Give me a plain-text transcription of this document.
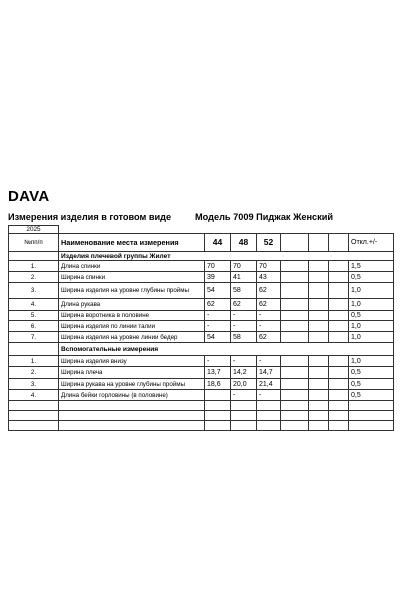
DAVA
Измерения изделия в готовом виде	Модель 7009 Пиджак Женский
2025								
№пп/п	Наименование места измерения	44	48	52				Откл.+/-
	Изделия плечевой группы Жилет							
1.	Длина спинки	70	70	70				1,5
2.	Ширина спинки	39	41	43				0,5
3.	Ширина изделия на уровне глубины проймы	54	58	62				1,0
4.	Длина рукава	62	62	62				1,0
5.	Ширина воротника в половине	-	-	-				0,5
6.	Ширина изделия по линии талии	-	-	-				1,0
7.	Ширина изделия на уровне линии бедер	54	58	62				1,0
	Вспомогательные измерения							
1.	Ширина изделия внизу	-	-	-				1,0
2.	Ширина плеча	13,7	14,2	14,7				0,5
3.	Ширина рукава на уровне глубины проймы	18,6	20,0	21,4				0,5
4.	Длина бейки горловины (в половине)		-	-				0,5
